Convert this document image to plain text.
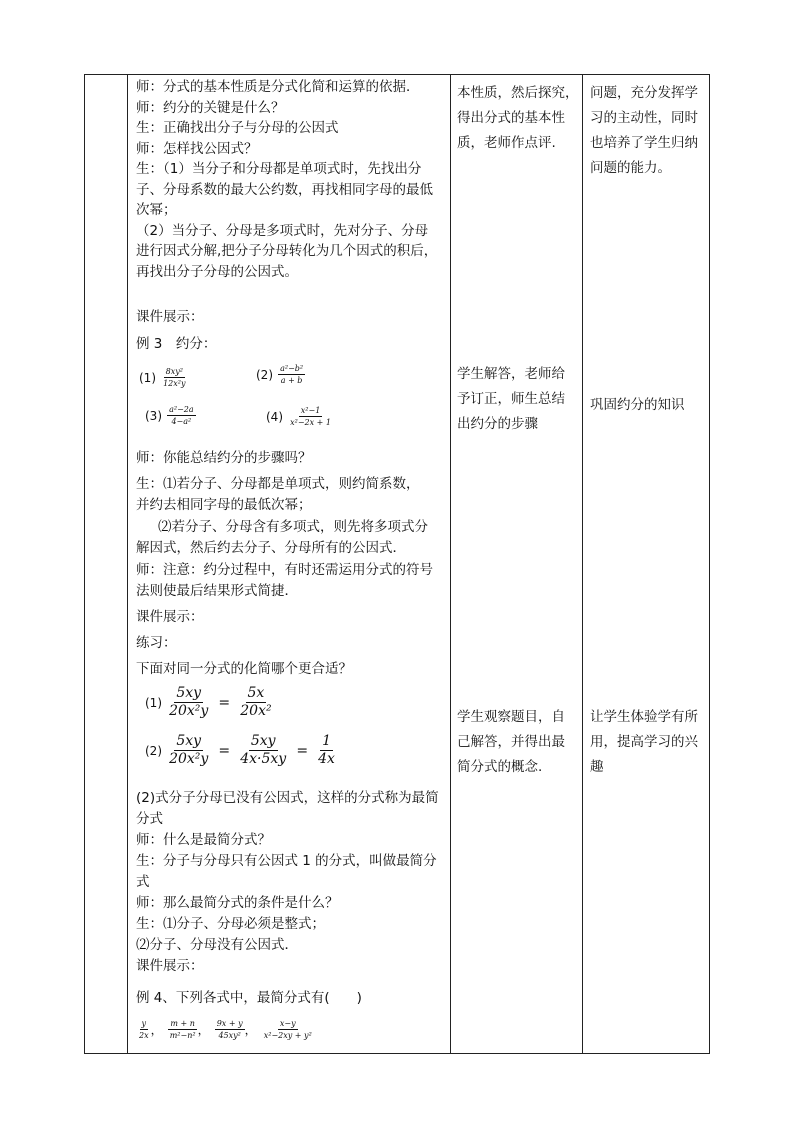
师：分式的基本性质是分式化简和运算的依据．
师：约分的关键是什么？
生：正确找出分子与分母的公因式
师：怎样找公因式？
生：（1）当分子和分母都是单项式时，先找出分
子、分母系数的最大公约数，再找相同字母的最低
次幂；
（2）当分子、分母是多项式时，先对分子、分母
进行因式分解,把分子分母转化为几个因式的积后，
再找出分子分母的公因式。
课件展示：
例 3　约分：
$(1) \frac{\text{8xy²}}{\text{12x²y}}$	$(2) \frac{\text{a²−b²}}{a + b}$
$(3) \frac{\text{a²−2a}}{\text{4−a²}}$	$(4) \frac{\text{x²−1}}{\text{x²−2x + 1}}$
师：你能总结约分的步骤吗？
生：⑴若分子、分母都是单项式，则约简系数，
并约去相同字母的最低次幂；
⑵若分子、分母含有多项式，则先将多项式分
解因式，然后约去分子、分母所有的公因式．
师：注意：约分过程中，有时还需运用分式的符号
法则使最后结果形式简捷．
课件展示：
练习：
下面对同一分式的化简哪个更合适？
$(1) \frac{5xy}{\text{20x²y}} = \frac{5x}{\text{20x²}}$
$(2) \frac{5xy}{\text{20x²y}} = \frac{5xy}{4x\cdot 5xy} = \frac{1}{4x}$
(2)式分子分母已没有公因式，这样的分式称为最简
分式
师：什么是最简分式？
生：分子与分母只有公因式 1 的分式，叫做最简分
式
师：那么最简分式的条件是什么？
生：⑴分子、分母必须是整式；
⑵分子、分母没有公因式．
课件展示：
例 4、下列各式中，最简分式有(　　)
$\frac{y}{2x}$ ， $\frac{m + n}{\text{m²−n²}}$ ， $\frac{9x + y}{\text{45xy²}}$ ， $\frac{x-y}{\text{x²−2xy + y²}}$
本性质，然后探究，
得出分式的基本性
质，老师作点评.
学生解答，老师给
予订正，师生总结
出约分的步骤
学生观察题目，自
己解答，并得出最
简分式的概念.
问题，充分发挥学
习的主动性，同时
也培养了学生归纳
问题的能力。
巩固约分的知识
让学生体验学有所
用，提高学习的兴
趣
